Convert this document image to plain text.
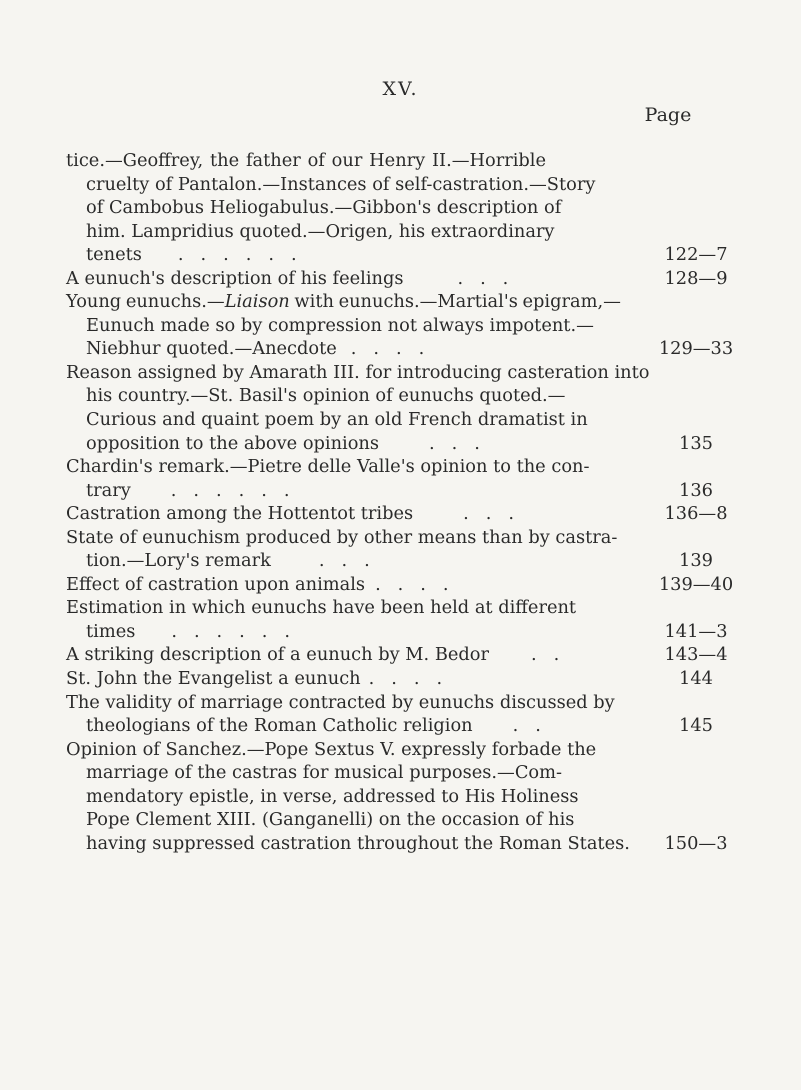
XV.
Page
tice.—Geoffrey, the father of our Henry II.—Horrible
cruelty of Pantalon.—Instances of self-castration.—Story
of Cambobus Heliogabulus.—Gibbon's description of
him. Lampridius quoted.—Origen, his extraordinary
tenets .   .   .   .   .   .	122—7
A eunuch's description of his feelings	.   .   .	128—9
Young eunuchs.—Liaison with eunuchs.—Martial's epigram,—
Eunuch made so by compression not always impotent.—
Niebhur quoted.—Anecdote .   .   .   .	129—33
Reason assigned by Amarath III. for introducing casteration into
his country.—St. Basil's opinion of eunuchs quoted.—
Curious and quaint poem by an old French dramatist in
opposition to the above opinions	.   .   .	135
Chardin's remark.—Pietre delle Valle's opinion to the con-
trary .   .   .   .   .   .	136
Castration among the Hottentot tribes	.   .   .	136—8
State of eunuchism produced by other means than by castra-
tion.—Lory's remark	.   .   .	139
Effect of castration upon animals .   .   .   .	139—40
Estimation in which eunuchs have been held at different
times .   .   .   .   .   .	141—3
A striking description of a eunuch by M. Bedor .   .	143—4
St. John the Evangelist a eunuch .   .   .   .	144
The validity of marriage contracted by eunuchs discussed by
theologians of the Roman Catholic religion .   .	145
Opinion of Sanchez.—Pope Sextus V. expressly forbade the
marriage of the castras for musical purposes.—Com-
mendatory epistle, in verse, addressed to His Holiness
Pope Clement XIII. (Ganganelli) on the occasion of his
having suppressed castration throughout the Roman States.	150—3
